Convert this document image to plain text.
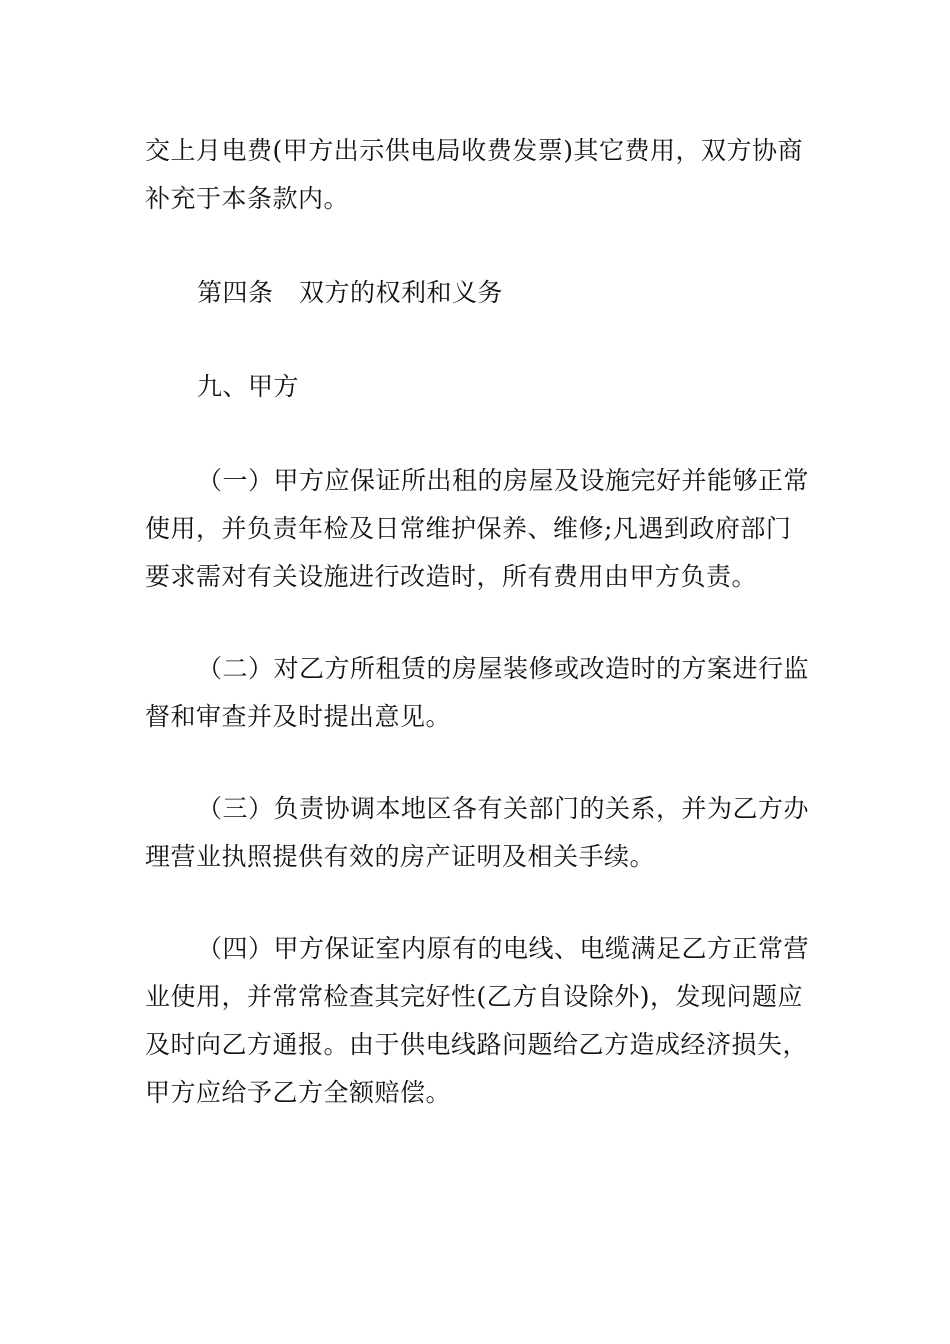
交上月电费(甲方出示供电局收费发票)其它费用，双方协商补充于本条款内。

第四条　双方的权利和义务

九、甲方

（一）甲方应保证所出租的房屋及设施完好并能够正常使用，并负责年检及日常维护保养、维修;凡遇到政府部门要求需对有关设施进行改造时，所有费用由甲方负责。

（二）对乙方所租赁的房屋装修或改造时的方案进行监督和审查并及时提出意见。

（三）负责协调本地区各有关部门的关系，并为乙方办理营业执照提供有效的房产证明及相关手续。

（四）甲方保证室内原有的电线、电缆满足乙方正常营业使用，并常常检查其完好性(乙方自设除外)，发现问题应及时向乙方通报。由于供电线路问题给乙方造成经济损失，甲方应给予乙方全额赔偿。
